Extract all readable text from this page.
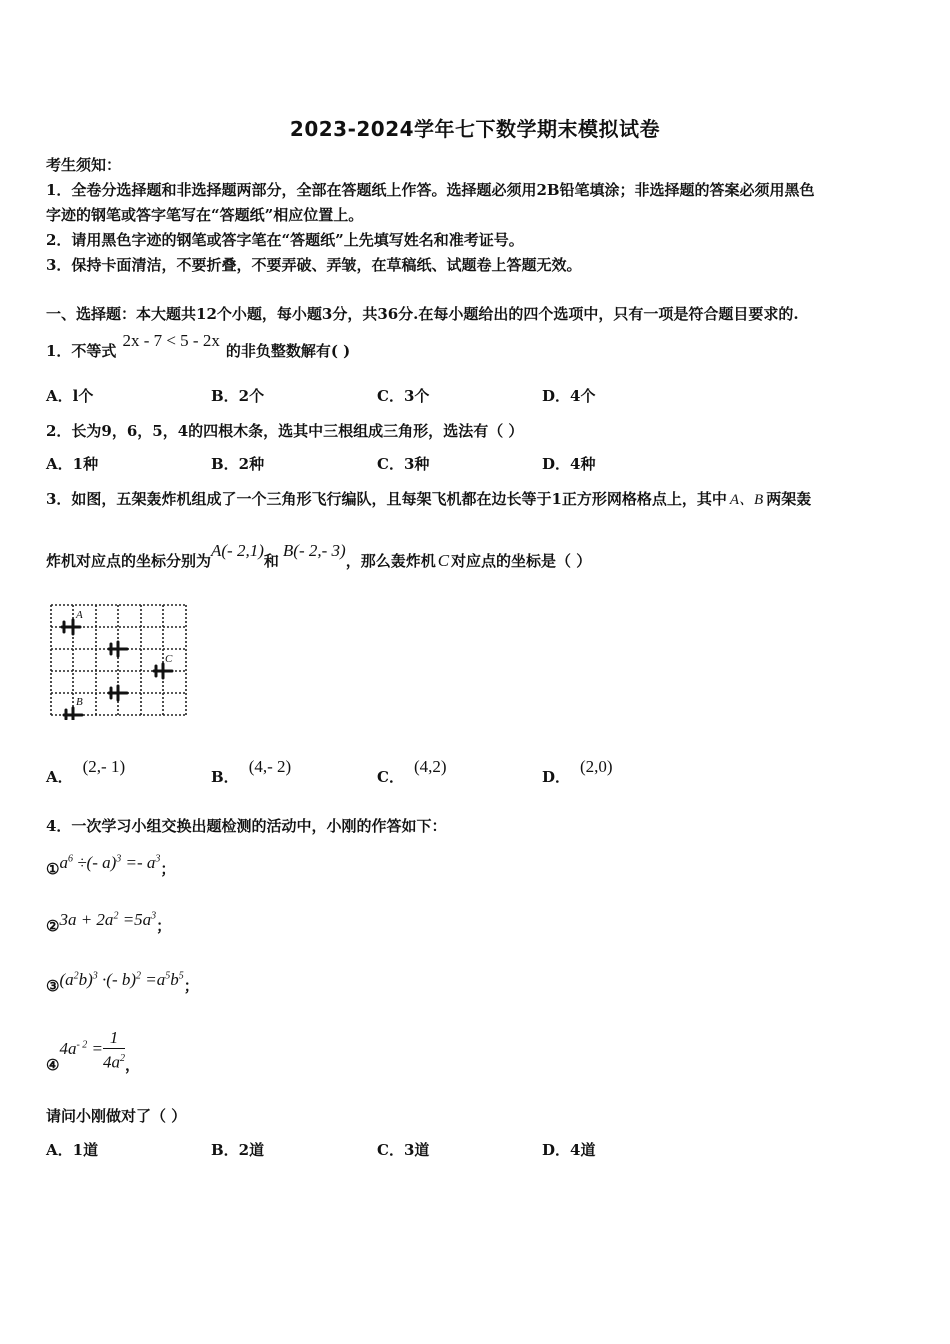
2023-2024学年七下数学期末模拟试卷
考生须知：
1．全卷分选择题和非选择题两部分，全部在答题纸上作答。选择题必须用2B铅笔填涂；非选择题的答案必须用黑色
字迹的钢笔或答字笔写在“答题纸”相应位置上。
2．请用黑色字迹的钢笔或答字笔在“答题纸”上先填写姓名和准考证号。
3．保持卡面清洁，不要折叠，不要弄破、弄皱，在草稿纸、试题卷上答题无效。
一、选择题：本大题共12个小题，每小题3分，共36分.在每小题给出的四个选项中，只有一项是符合题目要求的.
1．不等式2x - 7 < 5 - 2x的非负整数解有( )
A．l个	B．2个	C．3个	D．4个
2．长为9，6，5，4的四根木条，选其中三根组成三角形，选法有（ ）
A．1种	B．2种	C．3种	D．4种
3．如图，五架轰炸机组成了一个三角形飞行编队，且每架飞机都在边长等于1正方形网格格点上，其中 A、B 两架轰
炸机对应点的坐标分别为A(- 2,1)和B(- 2,- 3)，那么轰炸机 C 对应点的坐标是（ ）
A
B
C
A．(2,- 1)
B．(4,- 2)
C．(4,2)
D．(2,0)
4．一次学习小组交换出题检测的活动中，小刚的作答如下：
$①a^6$ ÷(- $a)^3 =- a^3$；
②3a + $2a^2 =5a^3$；
$③(a^2b)^3$ ·(- $b)^2 =a^5b^5$；
$④4a^{- 2} = \frac{1}{4a^2}$ ，
请问小刚做对了（ ）
A．1道	B．2道	C．3道	D．4道
